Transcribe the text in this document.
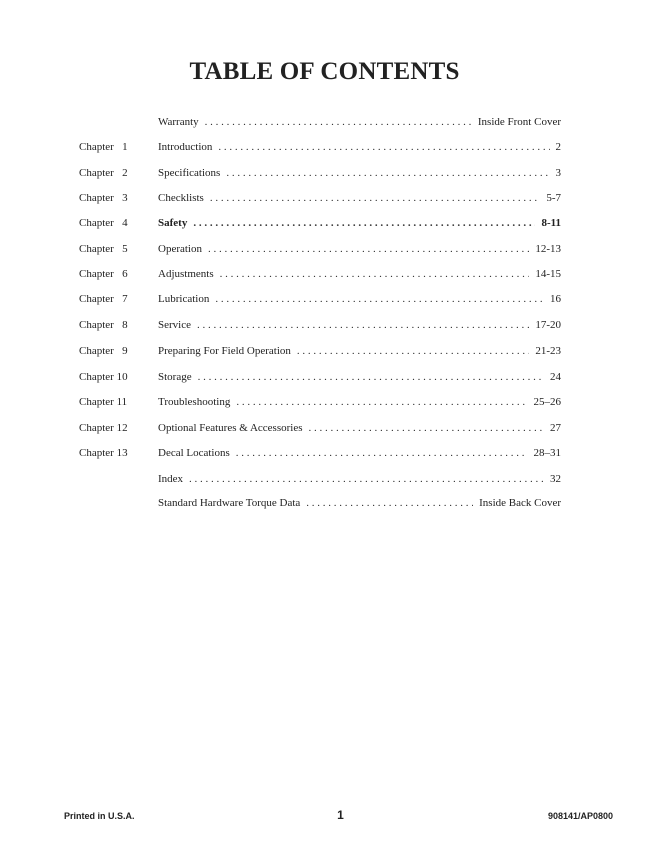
TABLE OF CONTENTS
Warranty . . .	Inside Front Cover
Chapter   1	Introduction . . .	2
Chapter   2	Specifications . . .	3
Chapter   3	Checklists . . .	5-7
Chapter   4	Safety . . .	8-11
Chapter   5	Operation . . .	12-13
Chapter   6	Adjustments . . .	14-15
Chapter   7	Lubrication . . .	16
Chapter   8	Service . . .	17-20
Chapter   9	Preparing For Field Operation . . .	21-23
Chapter 10	Storage . . .	24
Chapter 11	Troubleshooting . . .	25–26
Chapter 12	Optional Features & Accessories . . .	27
Chapter 13	Decal Locations . . .	28–31
Index . . .	32
Standard Hardware Torque Data . . .	Inside Back Cover
Printed in U.S.A.	1	908141/AP0800
